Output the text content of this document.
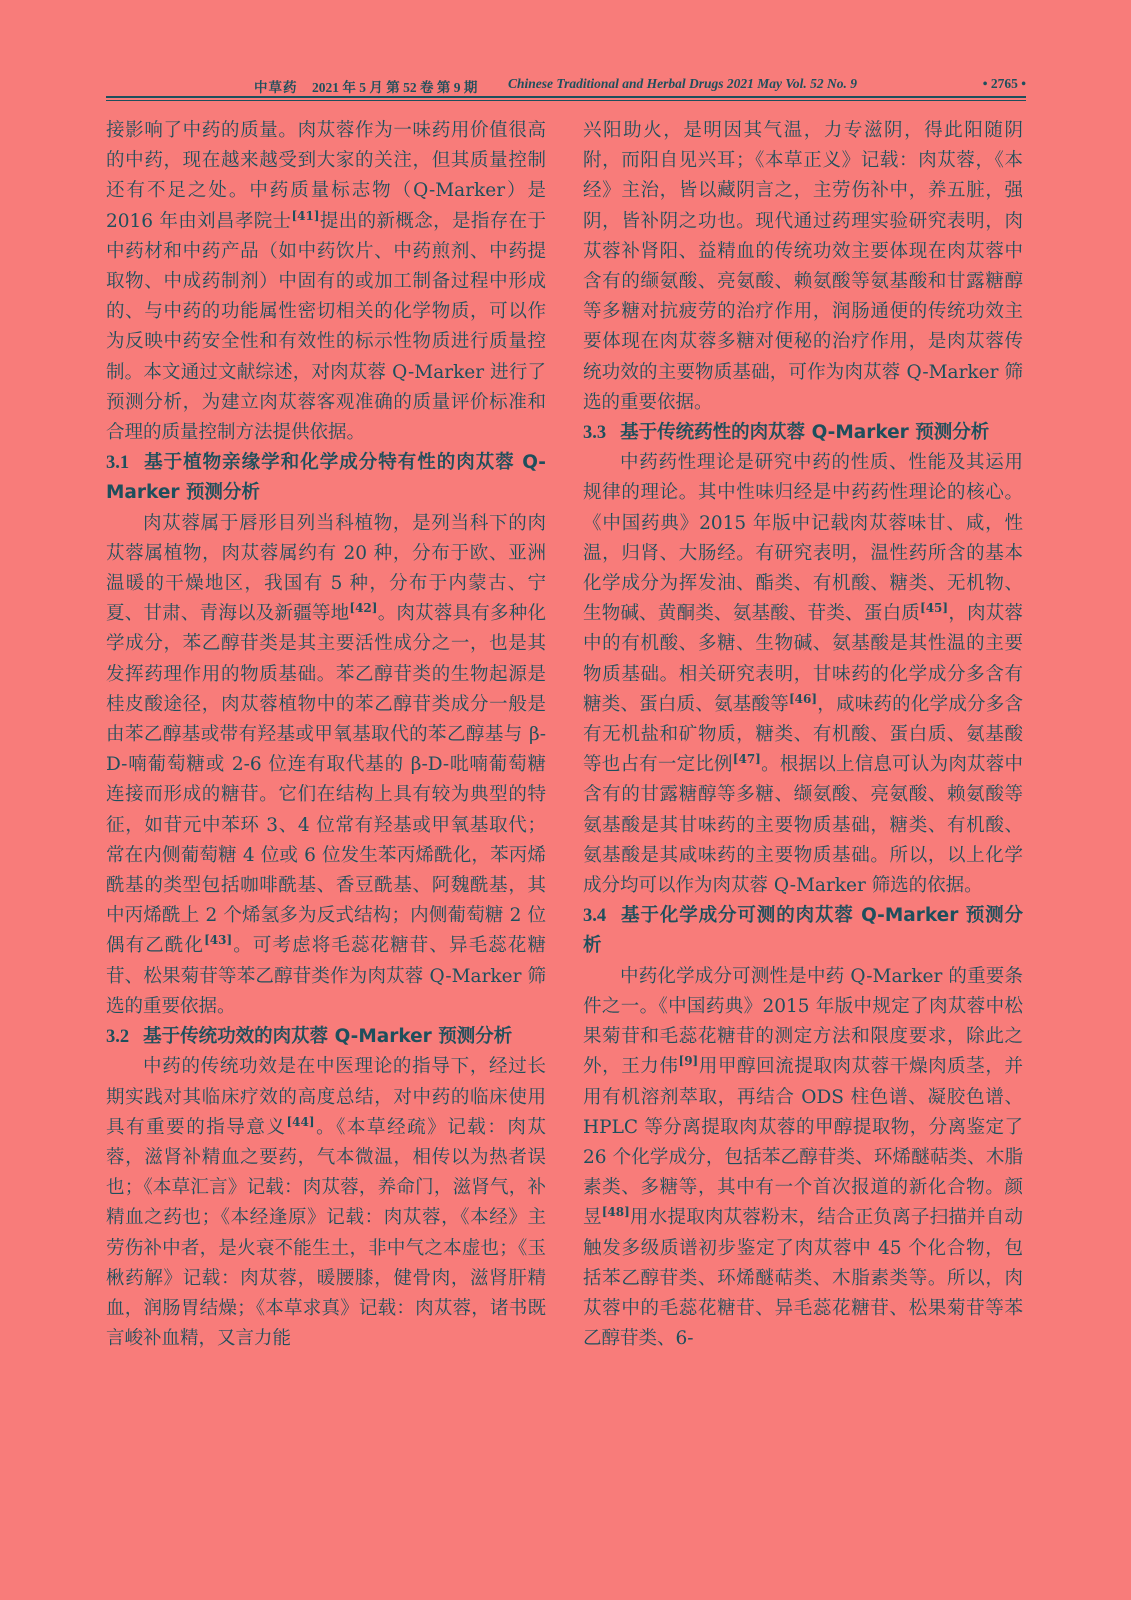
中草药 2021 年 5 月 第 52 卷 第 9 期 Chinese Traditional and Herbal Drugs 2021 May Vol. 52 No. 9	• 2765 •

接影响了中药的质量。肉苁蓉作为一味药用价值很高的中药，现在越来越受到大家的关注，但其质量控制还有不足之处。中药质量标志物（Q-Marker）是 2016 年由刘昌孝院士[41]提出的新概念，是指存在于中药材和中药产品（如中药饮片、中药煎剂、中药提取物、中成药制剂）中固有的或加工制备过程中形成的、与中药的功能属性密切相关的化学物质，可以作为反映中药安全性和有效性的标示性物质进行质量控制。本文通过文献综述，对肉苁蓉 Q-Marker 进行了预测分析，为建立肉苁蓉客观准确的质量评价标准和合理的质量控制方法提供依据。

3.1 基于植物亲缘学和化学成分特有性的肉苁蓉 Q-Marker 预测分析

肉苁蓉属于唇形目列当科植物，是列当科下的肉苁蓉属植物，肉苁蓉属约有 20 种，分布于欧、亚洲温暖的干燥地区，我国有 5 种，分布于内蒙古、宁夏、甘肃、青海以及新疆等地[42]。肉苁蓉具有多种化学成分，苯乙醇苷类是其主要活性成分之一，也是其发挥药理作用的物质基础。苯乙醇苷类的生物起源是桂皮酸途径，肉苁蓉植物中的苯乙醇苷类成分一般是由苯乙醇基或带有羟基或甲氧基取代的苯乙醇基与 β-D-喃葡萄糖或 2-6 位连有取代基的 β-D-吡喃葡萄糖连接而形成的糖苷。它们在结构上具有较为典型的特征，如苷元中苯环 3、4 位常有羟基或甲氧基取代；常在内侧葡萄糖 4 位或 6 位发生苯丙烯酰化，苯丙烯酰基的类型包括咖啡酰基、香豆酰基、阿魏酰基，其中丙烯酰上 2 个烯氢多为反式结构；内侧葡萄糖 2 位偶有乙酰化[43]。可考虑将毛蕊花糖苷、异毛蕊花糖苷、松果菊苷等苯乙醇苷类作为肉苁蓉 Q-Marker 筛选的重要依据。

3.2 基于传统功效的肉苁蓉 Q-Marker 预测分析

中药的传统功效是在中医理论的指导下，经过长期实践对其临床疗效的高度总结，对中药的临床使用具有重要的指导意义[44]。《本草经疏》记载：肉苁蓉，滋肾补精血之要药，气本微温，相传以为热者误也；《本草汇言》记载：肉苁蓉，养命门，滋肾气，补精血之药也；《本经逢原》记载：肉苁蓉，《本经》主劳伤补中者，是火衰不能生土，非中气之本虚也；《玉楸药解》记载：肉苁蓉，暖腰膝，健骨肉，滋肾肝精血，润肠胃结燥；《本草求真》记载：肉苁蓉，诸书既言峻补血精，又言力能

兴阳助火，是明因其气温，力专滋阴，得此阳随阴附，而阳自见兴耳；《本草正义》记载：肉苁蓉，《本经》主治，皆以藏阴言之，主劳伤补中，养五脏，强阴，皆补阴之功也。现代通过药理实验研究表明，肉苁蓉补肾阳、益精血的传统功效主要体现在肉苁蓉中含有的缬氨酸、亮氨酸、赖氨酸等氨基酸和甘露糖醇等多糖对抗疲劳的治疗作用，润肠通便的传统功效主要体现在肉苁蓉多糖对便秘的治疗作用，是肉苁蓉传统功效的主要物质基础，可作为肉苁蓉 Q-Marker 筛选的重要依据。

3.3 基于传统药性的肉苁蓉 Q-Marker 预测分析

中药药性理论是研究中药的性质、性能及其运用规律的理论。其中性味归经是中药药性理论的核心。《中国药典》2015 年版中记载肉苁蓉味甘、咸，性温，归肾、大肠经。有研究表明，温性药所含的基本化学成分为挥发油、酯类、有机酸、糖类、无机物、生物碱、黄酮类、氨基酸、苷类、蛋白质[45]，肉苁蓉中的有机酸、多糖、生物碱、氨基酸是其性温的主要物质基础。相关研究表明，甘味药的化学成分多含有糖类、蛋白质、氨基酸等[46]，咸味药的化学成分多含有无机盐和矿物质，糖类、有机酸、蛋白质、氨基酸等也占有一定比例[47]。根据以上信息可认为肉苁蓉中含有的甘露糖醇等多糖、缬氨酸、亮氨酸、赖氨酸等氨基酸是其甘味药的主要物质基础，糖类、有机酸、氨基酸是其咸味药的主要物质基础。所以，以上化学成分均可以作为肉苁蓉 Q-Marker 筛选的依据。

3.4 基于化学成分可测的肉苁蓉 Q-Marker 预测分析

中药化学成分可测性是中药 Q-Marker 的重要条件之一。《中国药典》2015 年版中规定了肉苁蓉中松果菊苷和毛蕊花糖苷的测定方法和限度要求，除此之外，王力伟[9]用甲醇回流提取肉苁蓉干燥肉质茎，并用有机溶剂萃取，再结合 ODS 柱色谱、凝胶色谱、HPLC 等分离提取肉苁蓉的甲醇提取物，分离鉴定了 26 个化学成分，包括苯乙醇苷类、环烯醚萜类、木脂素类、多糖等，其中有一个首次报道的新化合物。颜昱[48]用水提取肉苁蓉粉末，结合正负离子扫描并自动触发多级质谱初步鉴定了肉苁蓉中 45 个化合物，包括苯乙醇苷类、环烯醚萜类、木脂素类等。所以，肉苁蓉中的毛蕊花糖苷、异毛蕊花糖苷、松果菊苷等苯乙醇苷类、6-
